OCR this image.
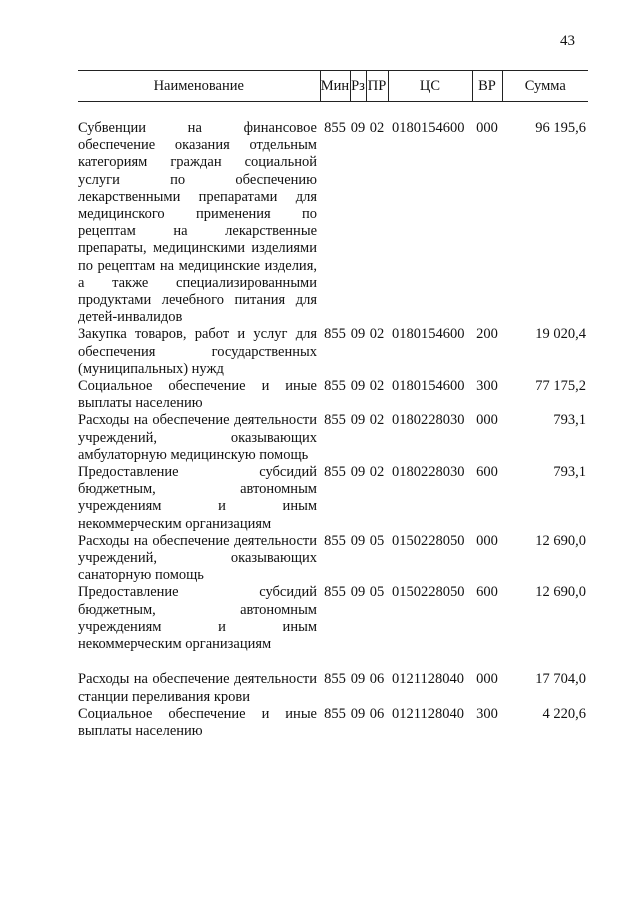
43
Наименование	Мин	Рз	ПР	ЦС	ВР	Сумма

Субвенции на финансовое обеспечение оказания отдельным категориям граждан социальной услуги по обеспечению лекарственными препаратами для медицинского применения по рецептам на лекарственные препараты, медицинскими изделиями по рецептам на медицинские изделия, а также специализированными продуктами лечебного питания для детей-инвалидов	855	09	02	0180154600	000	96 195,6
Закупка товаров, работ и услуг для обеспечения государственных (муниципальных) нужд	855	09	02	0180154600	200	19 020,4
Социальное обеспечение и иные выплаты населению	855	09	02	0180154600	300	77 175,2
Расходы на обеспечение деятельности учреждений, оказывающих амбулаторную медицинскую помощь	855	09	02	0180228030	000	793,1
Предоставление субсидий бюджетным, автономным учреждениям и иным некоммерческим организациям	855	09	02	0180228030	600	793,1
Расходы на обеспечение деятельности учреждений, оказывающих санаторную помощь	855	09	05	0150228050	000	12 690,0
Предоставление субсидий бюджетным, автономным учреждениям и иным некоммерческим организациям	855	09	05	0150228050	600	12 690,0

Расходы на обеспечение деятельности станции переливания крови	855	09	06	0121128040	000	17 704,0
Социальное обеспечение и иные выплаты населению	855	09	06	0121128040	300	4 220,6
